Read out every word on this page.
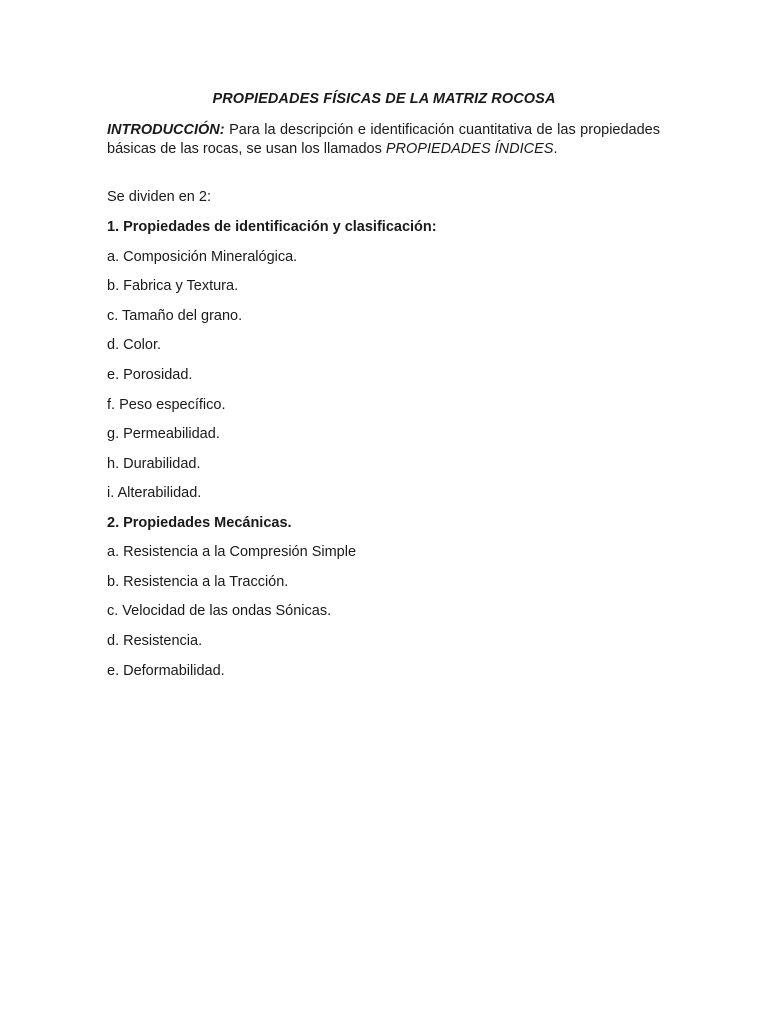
PROPIEDADES FÍSICAS DE LA MATRIZ ROCOSA
INTRODUCCIÓN: Para la descripción e identificación cuantitativa de las propiedades básicas de las rocas, se usan los llamados PROPIEDADES ÍNDICES.
Se dividen en 2:
1. Propiedades de identificación y clasificación:
a. Composición Mineralógica.
b. Fabrica y Textura.
c. Tamaño del grano.
d. Color.
e. Porosidad.
f. Peso específico.
g. Permeabilidad.
h. Durabilidad.
i. Alterabilidad.
2. Propiedades Mecánicas.
a. Resistencia a la Compresión Simple
b. Resistencia a la Tracción.
c. Velocidad de las ondas Sónicas.
d. Resistencia.
e. Deformabilidad.
